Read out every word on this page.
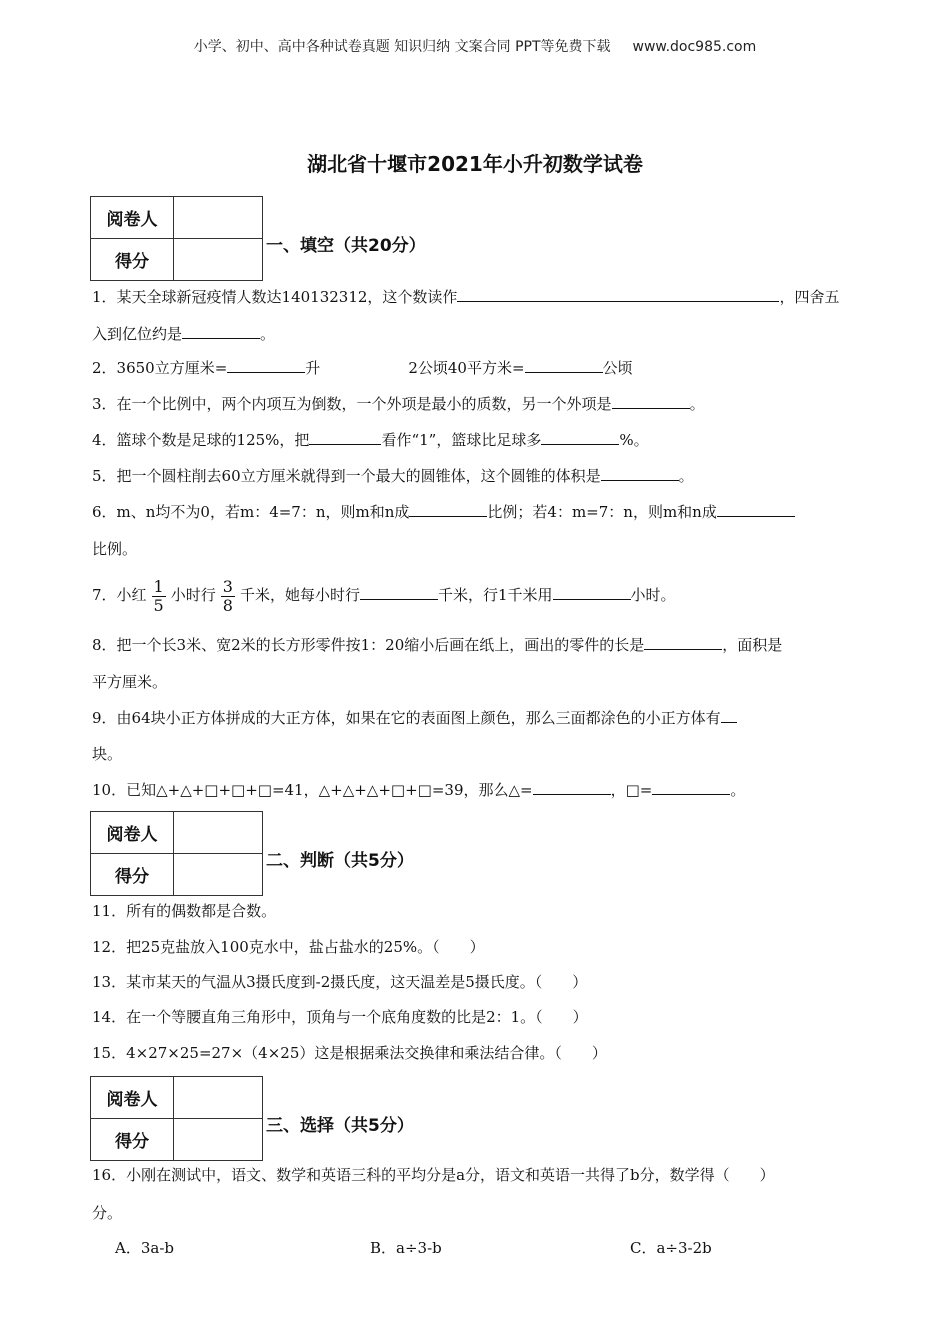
小学、初中、高中各种试卷真题 知识归纳 文案合同 PPT等免费下载 www.doc985.com
湖北省十堰市2021年小升初数学试卷
阅卷人	
得分	
一、填空（共20分）
1．某天全球新冠疫情人数达140132312，这个数读作	，四舍五
入到亿位约是	。
2．3650立方厘米=	升	2公顷40平方米=	公顷
3．在一个比例中，两个内项互为倒数，一个外项是最小的质数，另一个外项是	。
4．篮球个数是足球的125%，把	看作“1”，篮球比足球多	%。
5．把一个圆柱削去60立方厘米就得到一个最大的圆锥体，这个圆锥的体积是	。
6．m、n均不为0，若m：4=7：n，则m和n成	比例；若4：m=7：n，则m和n成
比例。
7．小红 $\frac{1}{5}$ 小时行 $\frac{3}{8}$ 千米，她每小时行	千米，行1千米用	小时。
8．把一个长3米、宽2米的长方形零件按1：20缩小后画在纸上，画出的零件的长是	，面积是
平方厘米。
9．由64块小正方体拼成的大正方体，如果在它的表面图上颜色，那么三面都涂色的小正方体有
块。
10．已知△+△+□+□+□=41，△+△+△+□+□=39，那么△=	，□=	。
阅卷人	
得分	
二、判断（共5分）
11．所有的偶数都是合数。
12．把25克盐放入100克水中，盐占盐水的25%。（　　）
13．某市某天的气温从3摄氏度到-2摄氏度，这天温差是5摄氏度。（　　）
14．在一个等腰直角三角形中，顶角与一个底角度数的比是2：1。（　　）
15．4×27×25=27×（4×25）这是根据乘法交换律和乘法结合律。（　　）
阅卷人	
得分	
三、选择（共5分）
16．小刚在测试中，语文、数学和英语三科的平均分是a分，语文和英语一共得了b分，数学得（　　）
分。
A．3a-b	B．a÷3-b	C．a÷3-2b
